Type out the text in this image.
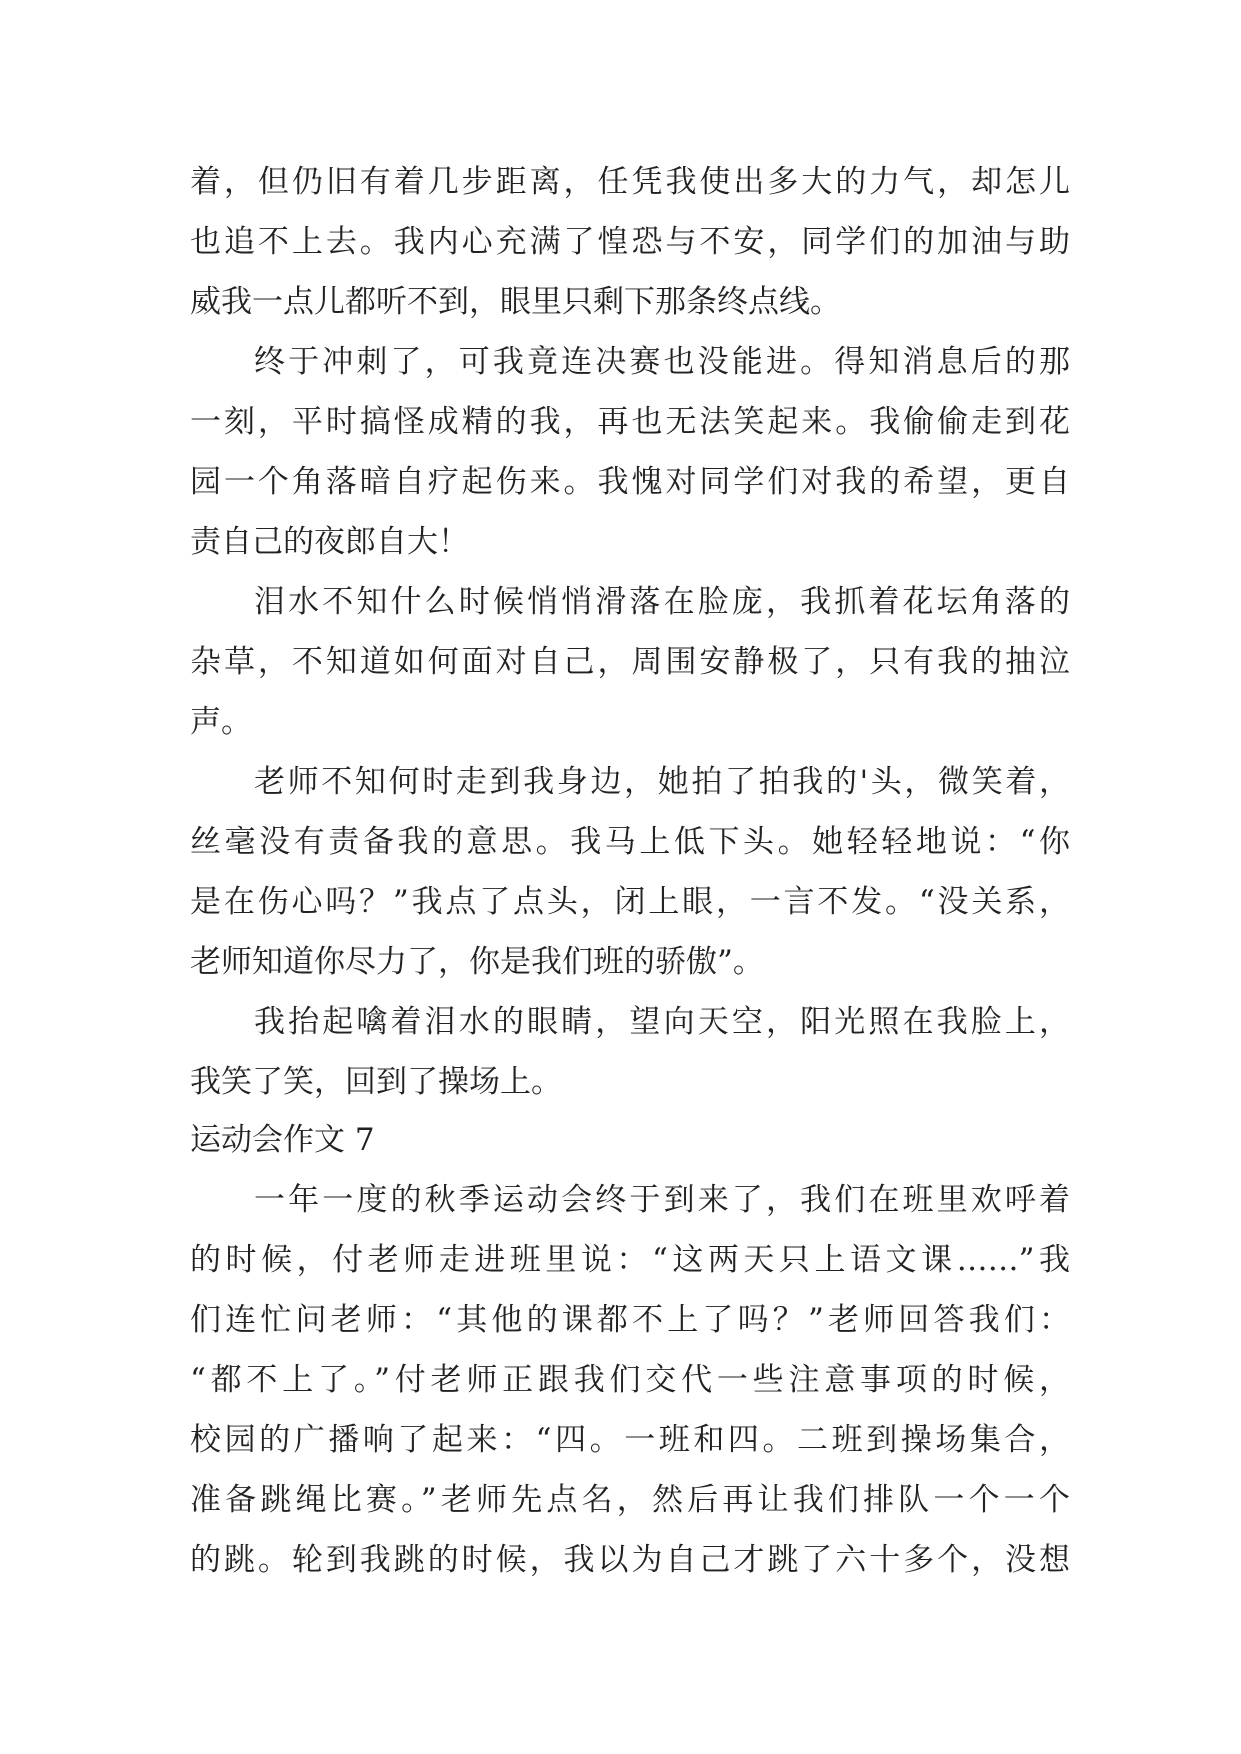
着，但仍旧有着几步距离，任凭我使出多大的力气，却怎儿
也追不上去。我内心充满了惶恐与不安，同学们的加油与助
威我一点儿都听不到，眼里只剩下那条终点线。
终于冲刺了，可我竟连决赛也没能进。得知消息后的那
一刻，平时搞怪成精的我，再也无法笑起来。我偷偷走到花
园一个角落暗自疗起伤来。我愧对同学们对我的希望，更自
责自己的夜郎自大！
泪水不知什么时候悄悄滑落在脸庞，我抓着花坛角落的
杂草，不知道如何面对自己，周围安静极了，只有我的抽泣
声。
老师不知何时走到我身边，她拍了拍我的'头，微笑着，
丝毫没有责备我的意思。我马上低下头。她轻轻地说：“你
是在伤心吗？”我点了点头，闭上眼，一言不发。“没关系，
老师知道你尽力了，你是我们班的骄傲”。
我抬起噙着泪水的眼睛，望向天空，阳光照在我脸上，
我笑了笑，回到了操场上。
运动会作文 7
一年一度的秋季运动会终于到来了，我们在班里欢呼着
的时候，付老师走进班里说：“这两天只上语文课……”我
们连忙问老师：“其他的课都不上了吗？”老师回答我们：
“都不上了。”付老师正跟我们交代一些注意事项的时候，
校园的广播响了起来：“四。一班和四。二班到操场集合，
准备跳绳比赛。”老师先点名，然后再让我们排队一个一个
的跳。轮到我跳的时候，我以为自己才跳了六十多个，没想
